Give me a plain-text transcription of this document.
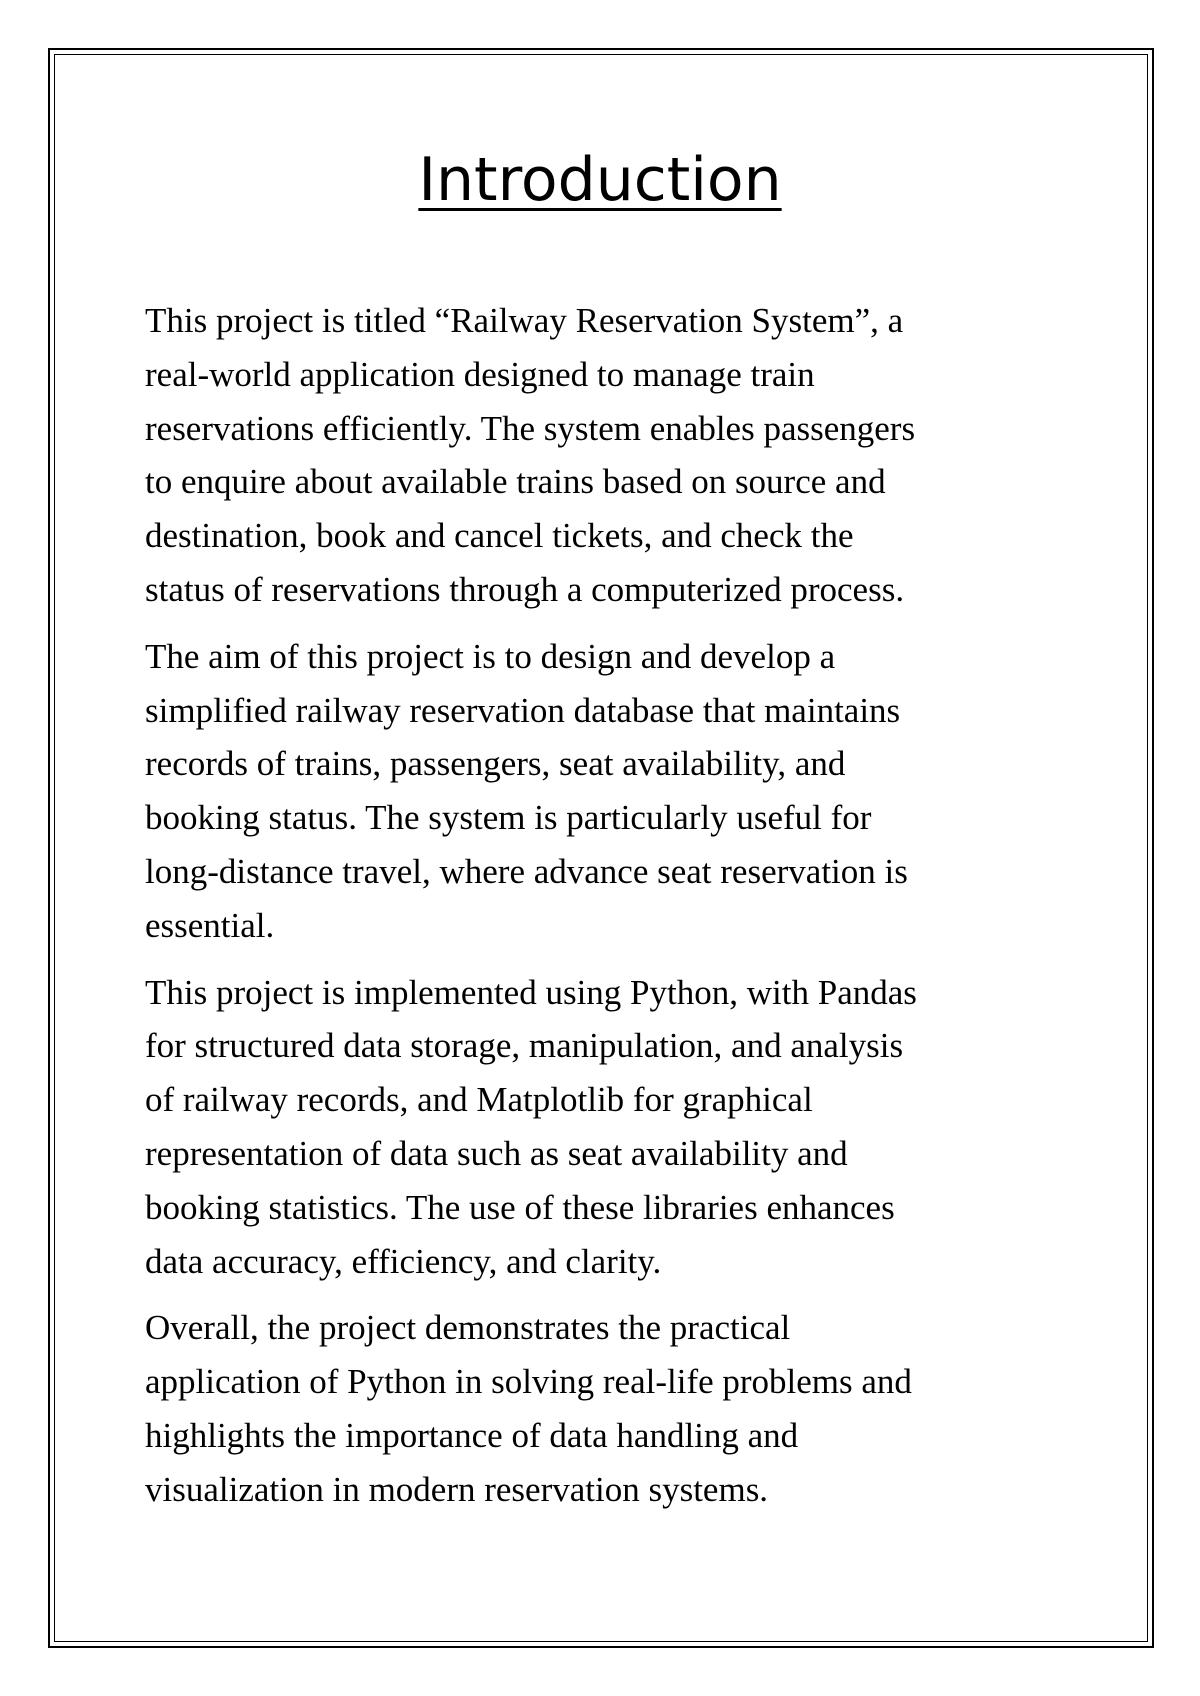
Introduction

This project is titled “Railway Reservation System”, a
real-world application designed to manage train
reservations efficiently. The system enables passengers
to enquire about available trains based on source and
destination, book and cancel tickets, and check the
status of reservations through a computerized process.

The aim of this project is to design and develop a
simplified railway reservation database that maintains
records of trains, passengers, seat availability, and
booking status. The system is particularly useful for
long-distance travel, where advance seat reservation is
essential.

This project is implemented using Python, with Pandas
for structured data storage, manipulation, and analysis
of railway records, and Matplotlib for graphical
representation of data such as seat availability and
booking statistics. The use of these libraries enhances
data accuracy, efficiency, and clarity.

Overall, the project demonstrates the practical
application of Python in solving real-life problems and
highlights the importance of data handling and
visualization in modern reservation systems.
